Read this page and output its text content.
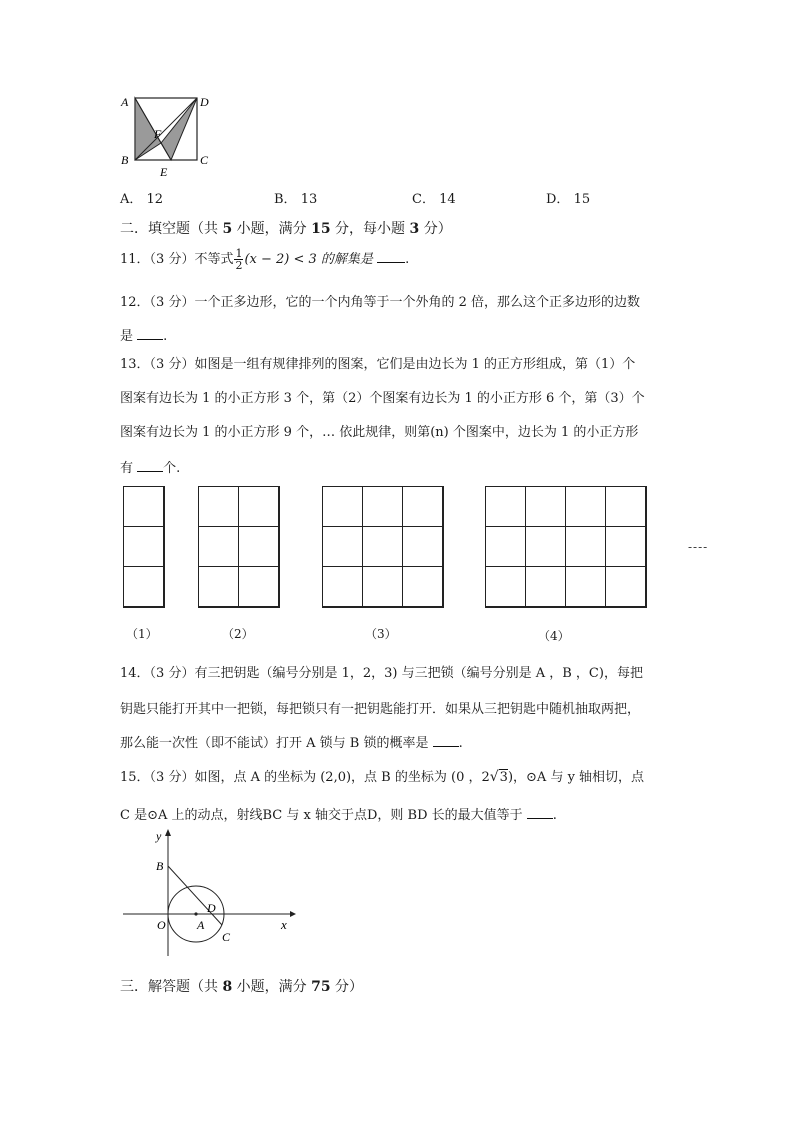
A	D
B	C
E
F
A． 12	B． 13	C． 14	D． 15
二．填空题（共 5 小题，满分 15 分，每小题 3 分）
11．（3 分）不等式 $\frac{1}{2} (x - 2) < 3$ 的解集是 .
12．（3 分）一个正多边形，它的一个内角等于一个外角的 2 倍，那么这个正多边形的边数
是 .
13．（3 分）如图是一组有规律排列的图案，它们是由边长为 1 的正方形组成，第（1）个
图案有边长为 1 的小正方形 3 个，第（2）个图案有边长为 1 的小正方形 6 个，第（3）个
图案有边长为 1 的小正方形 9 个，… 依此规律，则第(n) 个图案中，边长为 1 的小正方形
有 个.
----
（1）	（2）	（3）	（4）
14．（3 分）有三把钥匙（编号分别是 1，2，3) 与三把锁（编号分别是 A ，B ，C)，每把
钥匙只能打开其中一把锁，每把锁只有一把钥匙能打开．如果从三把钥匙中随机抽取两把，
那么能一次性（即不能试）打开 A 锁与 B 锁的概率是 .
15．（3 分）如图，点 A 的坐标为 (2,0)，点 B 的坐标为 (0 ，2√3)，⊙A 与 y 轴相切，点
C 是⊙A 上的动点，射线BC 与 x 轴交于点D，则 BD 长的最大值等于 .
y
x
B
O	A
D
C
三．解答题（共 8 小题，满分 75 分）
